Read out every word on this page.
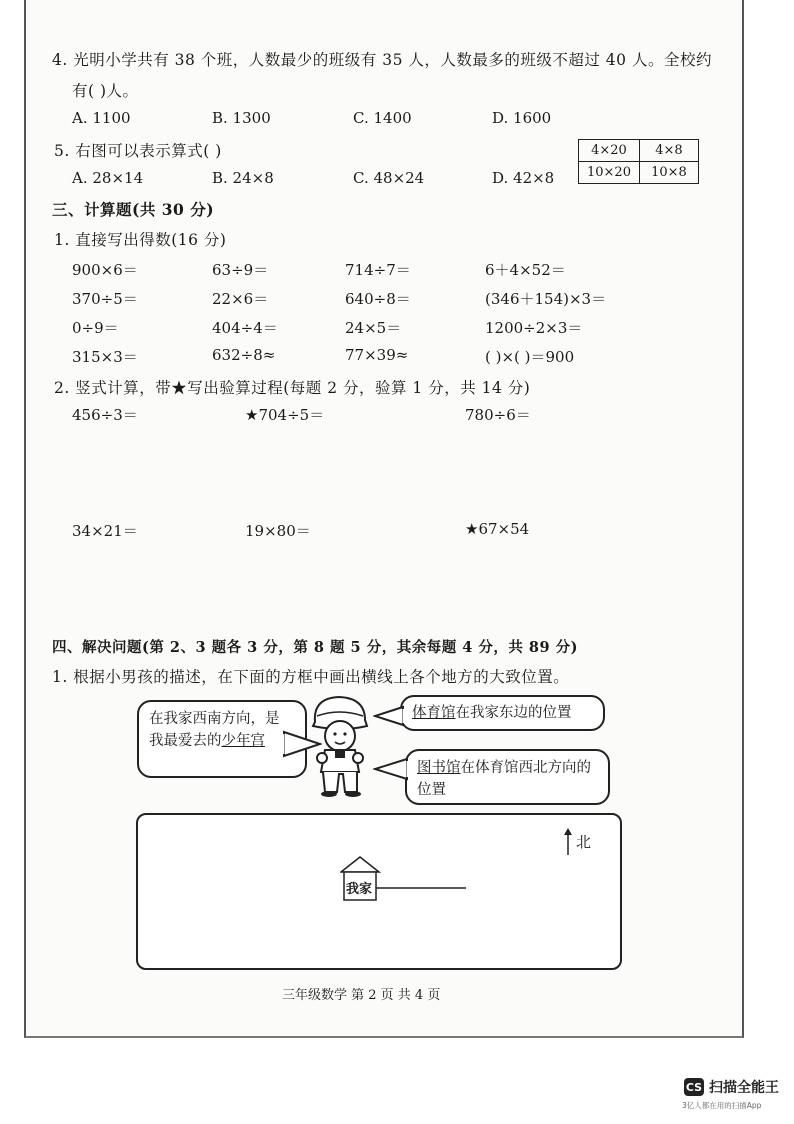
4. 光明小学共有 38 个班，人数最少的班级有 35 人，人数最多的班级不超过 40 人。全校约
有( )人。
A. 1100	B. 1300	C. 1400	D. 1600
5. 右图可以表示算式( )
A. 28×14	B. 24×8	C. 48×24	D. 42×8
4×20	4×8
10×20	10×8
三、计算题(共 30 分)
1. 直接写出得数(16 分)
900×6＝	63÷9＝	714÷7＝	6＋4×52＝
370÷5＝	22×6＝	640÷8＝	(346＋154)×3＝
0÷9＝	404÷4＝	24×5＝	1200÷2×3＝
315×3＝	632÷8≈	77×39≈	( )×( )＝900
2. 竖式计算，带★写出验算过程(每题 2 分，验算 1 分，共 14 分)
456÷3＝	★704÷5＝	780÷6＝
34×21＝	19×80＝	★67×54
四、解决问题(第 2、3 题各 3 分，第 8 题 5 分，其余每题 4 分，共 89 分)
1. 根据小男孩的描述，在下面的方框中画出横线上各个地方的大致位置。
在我家西南方向，是
我最爱去的少年宫
体育馆在我家东边的位置
图书馆在体育馆西北方向的
位置
我家
北
三年级数学 第 2 页 共 4 页
CS 扫描全能王
3亿人都在用的扫描App
